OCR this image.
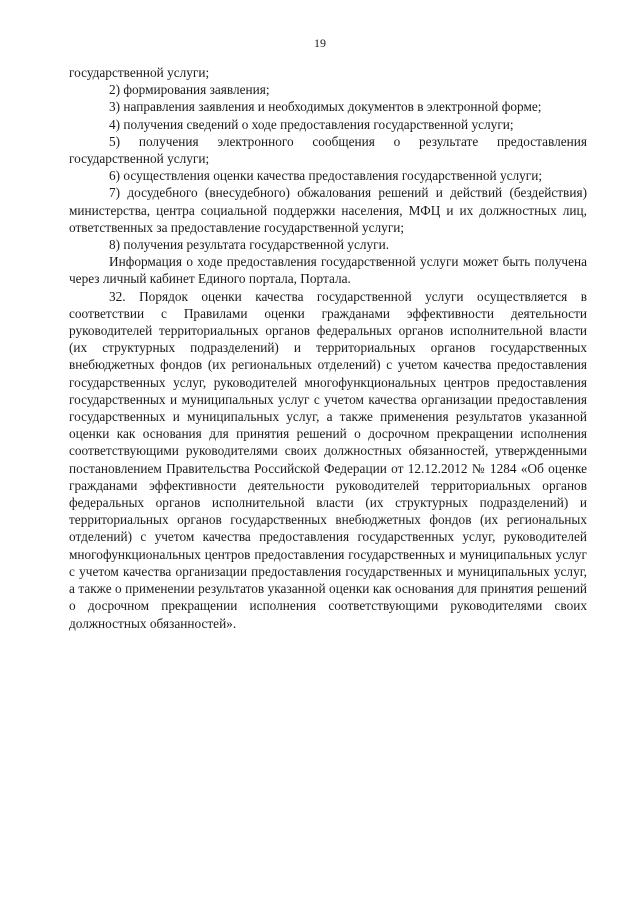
19

государственной услуги;

2) формирования заявления;

3) направления заявления и необходимых документов в электронной форме;

4) получения сведений о ходе предоставления государственной услуги;

5) получения электронного сообщения о результате предоставления государственной услуги;

6) осуществления оценки качества предоставления государственной услуги;

7) досудебного (внесудебного) обжалования решений и действий (бездействия) министерства, центра социальной поддержки населения, МФЦ и их должностных лиц, ответственных за предоставление государственной услуги;

8) получения результата государственной услуги.

Информация о ходе предоставления государственной услуги может быть получена через личный кабинет Единого портала, Портала.

32. Порядок оценки качества государственной услуги осуществляется в соответствии с Правилами оценки гражданами эффективности деятельности руководителей территориальных органов федеральных органов исполнительной власти (их структурных подразделений) и территориальных органов государственных внебюджетных фондов (их региональных отделений) с учетом качества предоставления государственных услуг, руководителей многофункциональных центров предоставления государственных и муниципальных услуг с учетом качества организации предоставления государственных и муниципальных услуг, а также применения результатов указанной оценки как основания для принятия решений о досрочном прекращении исполнения соответствующими руководителями своих должностных обязанностей, утвержденными постановлением Правительства Российской Федерации от 12.12.2012 № 1284 «Об оценке гражданами эффективности деятельности руководителей территориальных органов федеральных органов исполнительной власти (их структурных подразделений) и территориальных органов государственных внебюджетных фондов (их региональных отделений) с учетом качества предоставления государственных услуг, руководителей многофункциональных центров предоставления государственных и муниципальных услуг с учетом качества организации предоставления государственных и муниципальных услуг, а также о применении результатов указанной оценки как основания для принятия решений о досрочном прекращении исполнения соответствующими руководителями своих должностных обязанностей».
